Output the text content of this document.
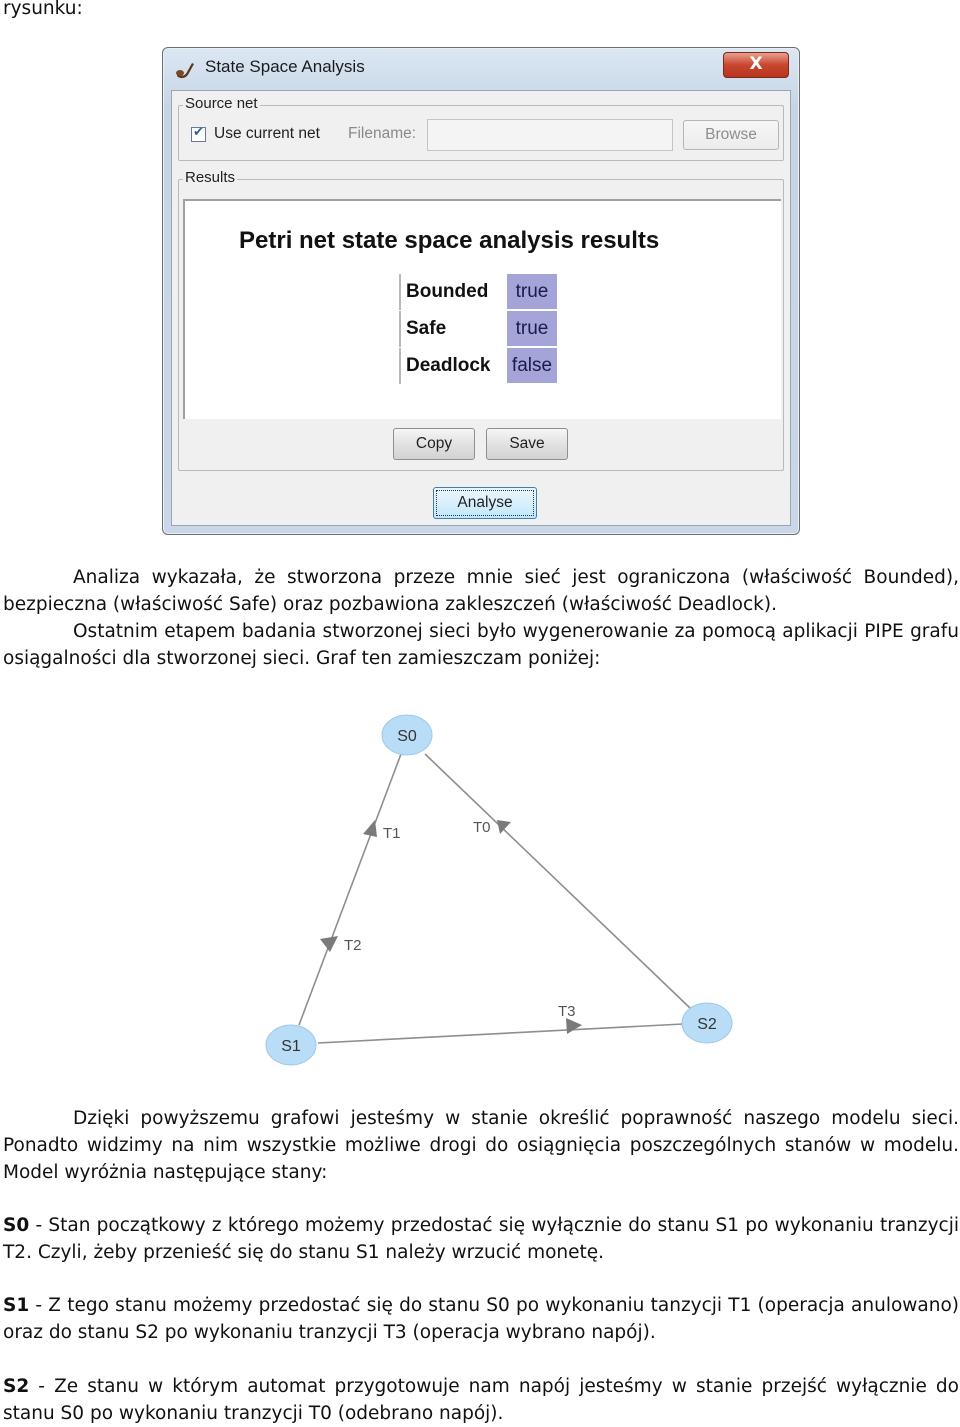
rysunku:
State Space Analysis	X
Source net
✔
Use current net Filename:	Browse
Results
Petri net state space analysis results
Bounded	true
Safe	true
Deadlock	false
Copy	Save
Analyse
Analiza wykazała, że stworzona przeze mnie sieć jest ograniczona (właściwość Bounded), bezpieczna (właściwość Safe) oraz pozbawiona zakleszczeń (właściwość Deadlock).
Ostatnim etapem badania stworzonej sieci było wygenerowanie za pomocą aplikacji PIPE grafu osiągalności dla stworzonej sieci. Graf ten zamieszczam poniżej:
T1	T0
T2
T3
S0
S1
S2
Dzięki powyższemu grafowi jesteśmy w stanie określić poprawność naszego modelu sieci. Ponadto widzimy na nim wszystkie możliwe drogi do osiągnięcia poszczególnych stanów w modelu. Model wyróżnia następujące stany:
S0 - Stan początkowy z którego możemy przedostać się wyłącznie do stanu S1 po wykonaniu tranzycji T2. Czyli, żeby przenieść się do stanu S1 należy wrzucić monetę.
S1 - Z tego stanu możemy przedostać się do stanu S0 po wykonaniu tanzycji T1 (operacja anulowano) oraz do stanu S2 po wykonaniu tranzycji T3 (operacja wybrano napój).
S2 - Ze stanu w którym automat przygotowuje nam napój jesteśmy w stanie przejść wyłącznie do stanu S0 po wykonaniu tranzycji T0 (odebrano napój).
